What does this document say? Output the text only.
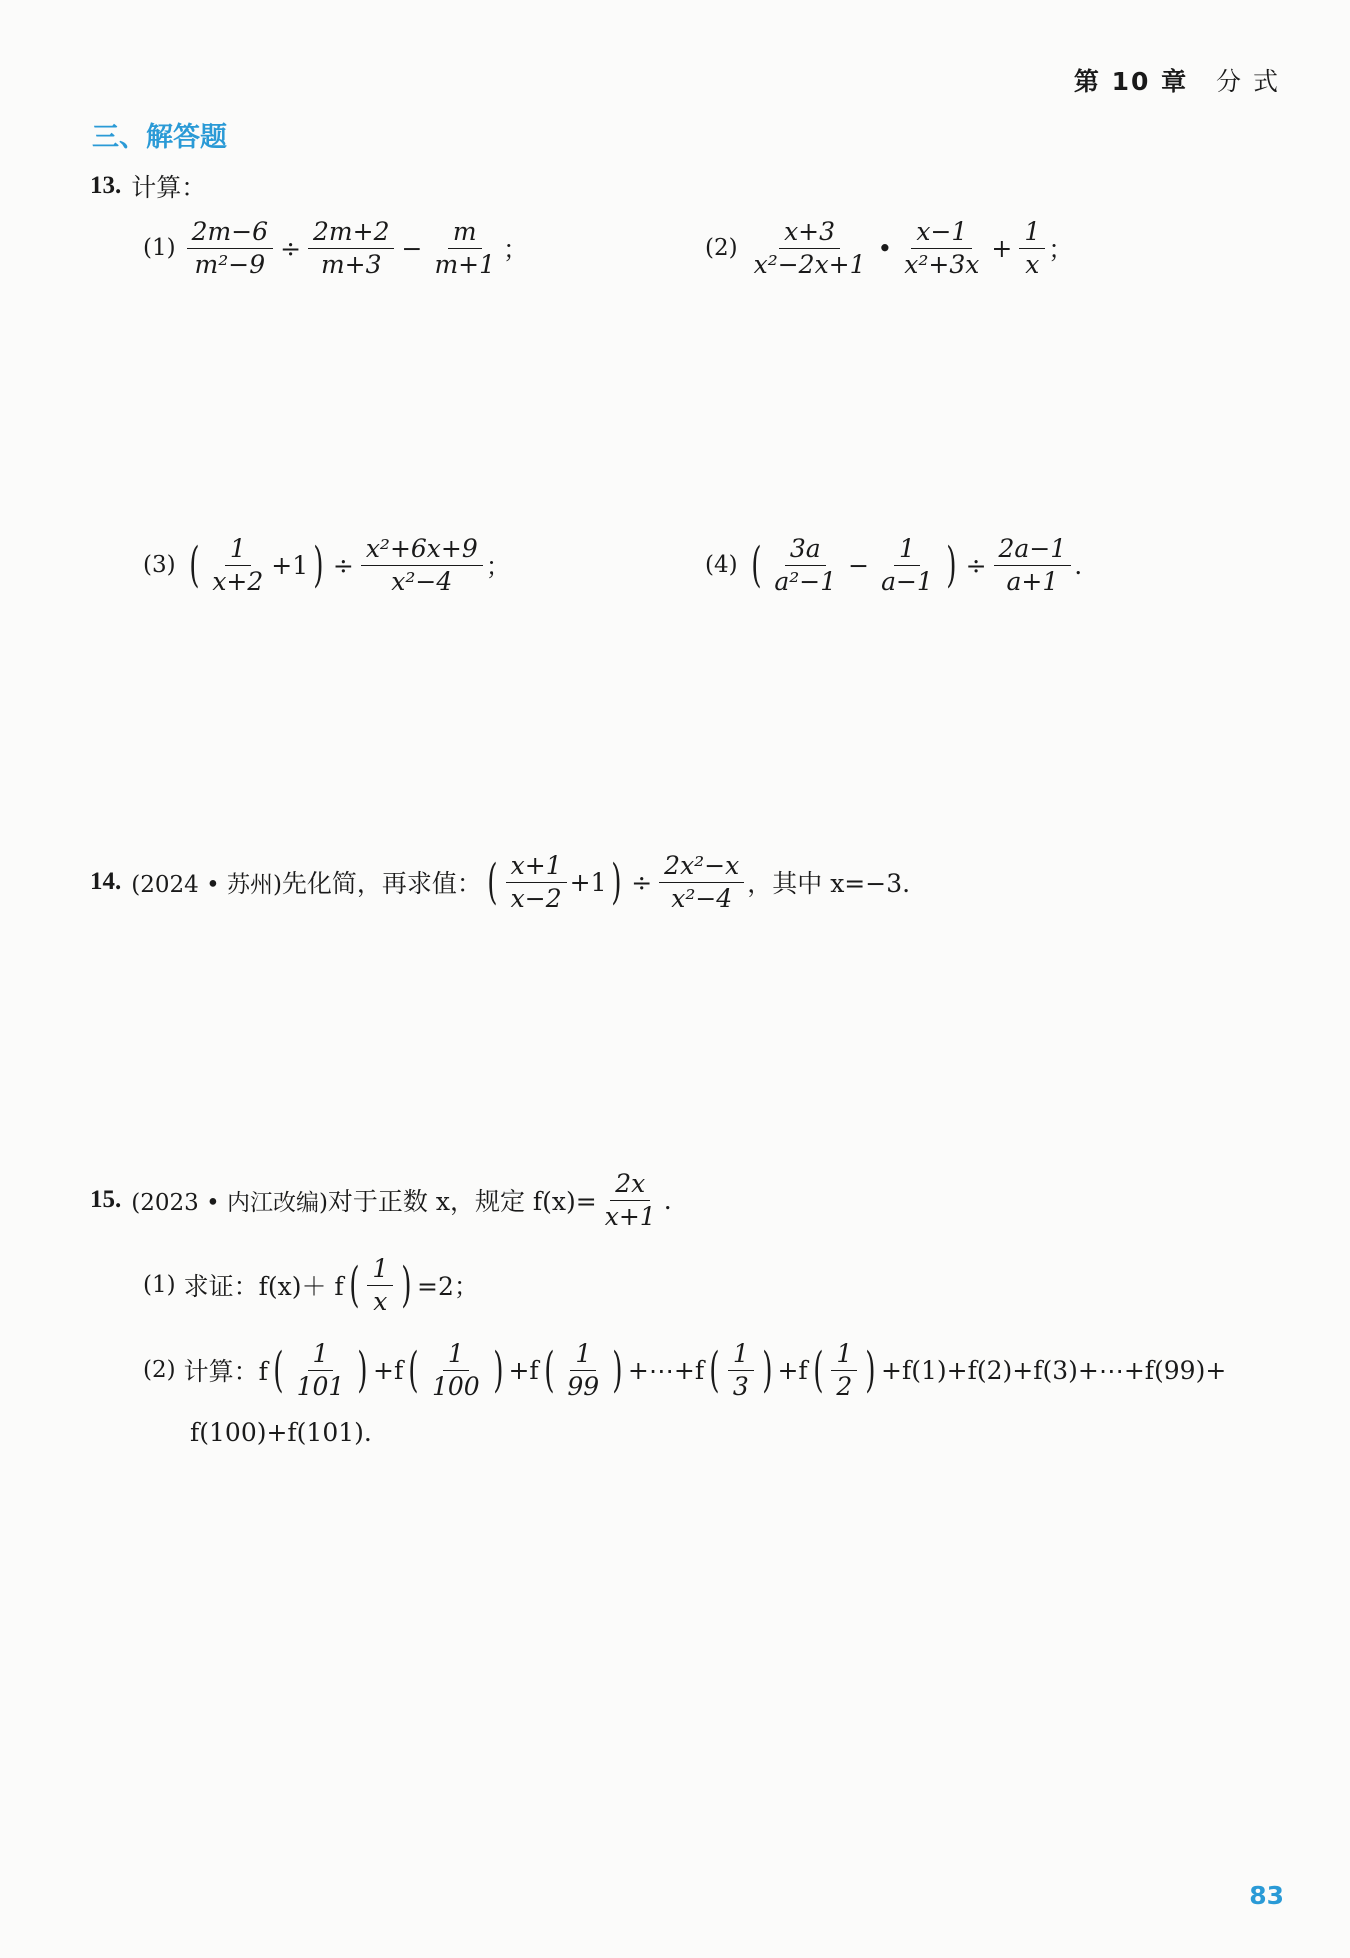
第 10 章 分 式
三、解答题
13. 计算：
$(1) \frac{2m-6}{\text{m²−9}} \div \frac{2m+2}{m+3} - \frac{m}{m+1}$ ；	$(2) \frac{x+3}{\text{x²−2x+1}}$ • $\frac{x-1}{\text{x²+3x}} + \frac{1}{x}$ ；
(3) ( $\frac{1}{x+2} +1$ ) ÷ $\frac{\text{x²+6x+9}}{\text{x²−4}}$ ；	(4) ( $\frac{3a}{\text{a²−1}} - \frac{1}{a-1}$ ) ÷ $\frac{2a-1}{a+1}$ .
14. (2024 • 苏州) 先化简，再求值： ( $\frac{x+1}{x-2} +1$ ) ÷ $\frac{\text{2x²−x}}{\text{x²−4}}$ ，其中 x=−3.
15. (2023 • 内江改编) 对于正数 x，规定 $f(x)= \frac{2x}{x+1}$ .
(1) 求证：f(x)＋ f ( $\frac{1}{x}$ ) =2；
(2) 计算：f ( $\frac{1}{101}$ ) +f ( $\frac{1}{100}$ ) +f ( $\frac{1}{99}$ ) +⋯+f ( $\frac{1}{3}$ ) +f ( $\frac{1}{2}$ ) +f(1)+f(2)+f(3)+⋯+f(99)+
f(100)+f(101).
83
